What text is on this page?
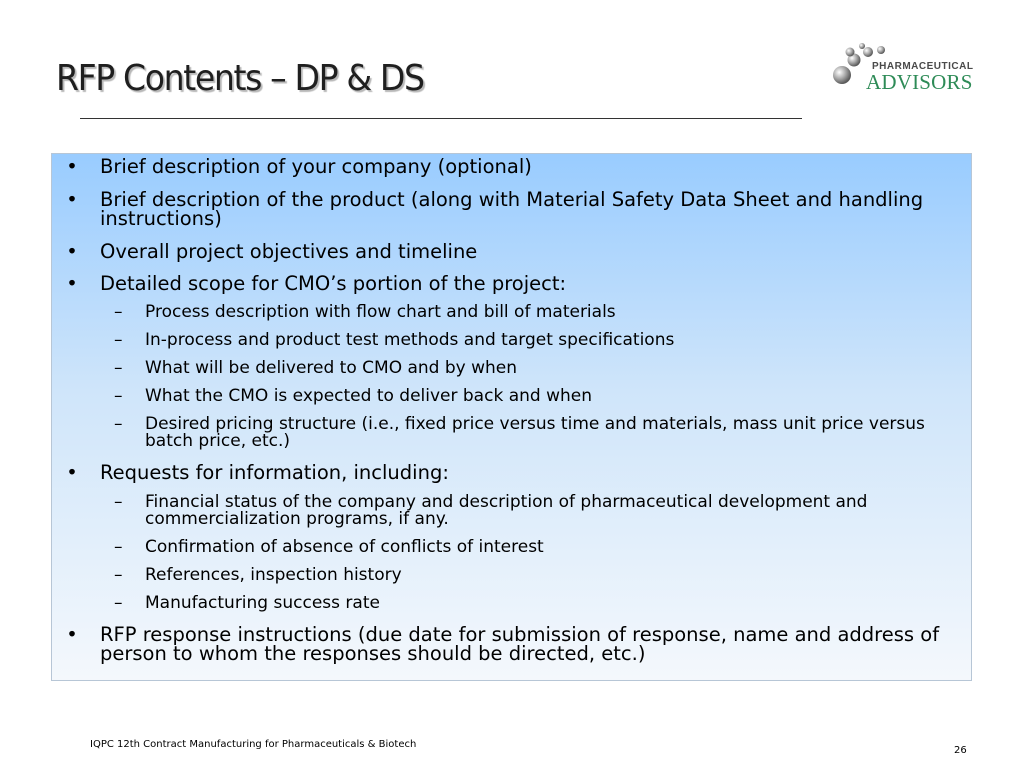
RFP Contents – DP & DS	PHARMACEUTICAL
ADVISORS
• Brief description of your company (optional)
• Brief description of the product (along with Material Safety Data Sheet and handling instructions)
• Overall project objectives and timeline
• Detailed scope for CMO’s portion of the project:
– Process description with flow chart and bill of materials
– In-process and product test methods and target specifications
– What will be delivered to CMO and by when
– What the CMO is expected to deliver back and when
– Desired pricing structure (i.e., fixed price versus time and materials, mass unit price versus batch price, etc.)
• Requests for information, including:
– Financial status of the company and description of pharmaceutical development and commercialization programs, if any.
– Confirmation of absence of conflicts of interest
– References, inspection history
– Manufacturing success rate
• RFP response instructions (due date for submission of response, name and address of person to whom the responses should be directed, etc.)
IQPC 12th Contract Manufacturing for Pharmaceuticals & Biotech
26
